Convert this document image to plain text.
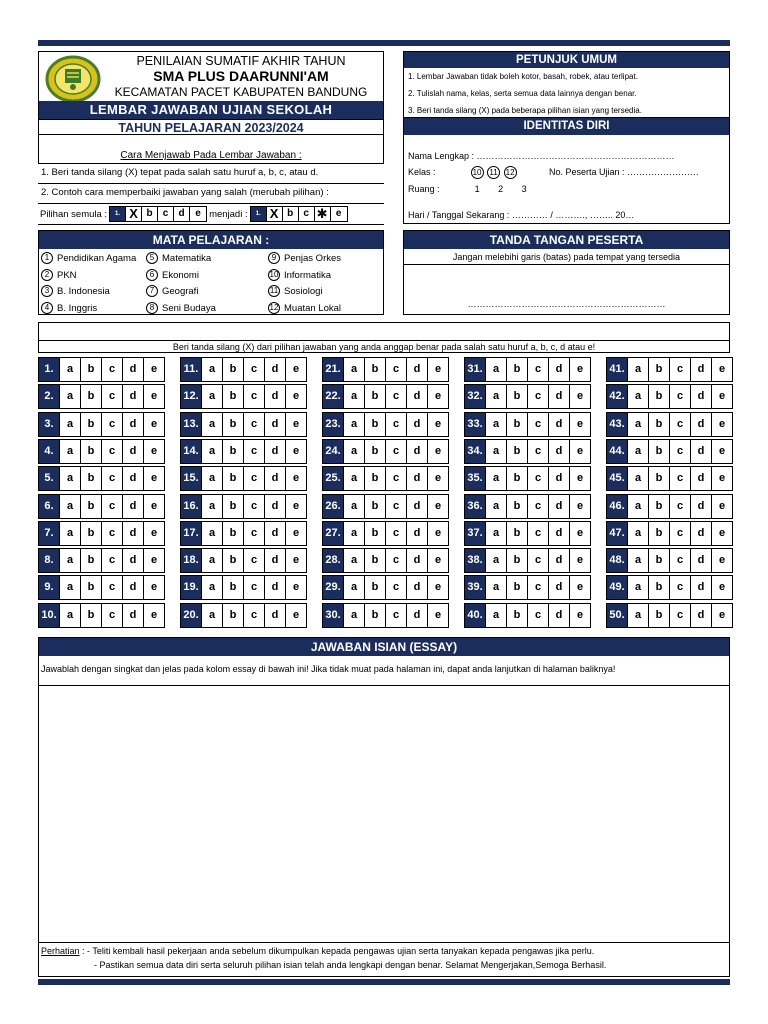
PENILAIAN SUMATIF AKHIR TAHUN
SMA PLUS DAARUNNI'AM
KECAMATAN PACET KABUPATEN BANDUNG
LEMBAR JAWABAN UJIAN SEKOLAH
TAHUN PELAJARAN 2023/2024
Cara Menjawab Pada Lembar Jawaban :
1. Beri tanda silang (X) tepat pada salah satu huruf a, b, c, atau d.
2. Contoh cara memperbaiki jawaban yang salah (merubah pilihan) :
Pilihan semula :	1. X b	c	d	e menjadi :	1. X b	c ✱ e
PETUNJUK UMUM
1. Lembar Jawaban tidak boleh kotor, basah, robek, atau terlipat.
2. Tulislah nama, kelas, serta semua data lainnya dengan benar.
3. Beri tanda silang (X) pada beberapa pilihan isian yang tersedia.
IDENTITAS DIRI
Nama Lengkap : …………………………………………………………
Kelas :	10 11 12	No. Peserta Ujian : ……………………
Ruang :	1 2 3
Hari / Tanggal Sekarang : ………… / ………., …….. 20…
MATA PELAJARAN :
1 Pendidikan Agama	5 Matematika	9 Penjas Orkes
2 PKN	6 Ekonomi	10 Informatika
3 B. Indonesia	7 Geografi	11 Sosiologi
4 B. Inggris	8 Seni Budaya	12 Muatan Lokal
TANDA TANGAN PESERTA
Jangan melebihi garis (batas) pada tempat yang tersedia
…………………………………………………………
JAWABAN PILIHAN GANDA
Beri tanda silang (X) dari pilihan jawaban yang anda anggap benar pada salah satu huruf a, b, c, d atau e!
1.	a	b	c	d	e
2.	a	b	c	d	e
3.	a	b	c	d	e
4.	a	b	c	d	e
5.	a	b	c	d	e
6.	a	b	c	d	e
7.	a	b	c	d	e
8.	a	b	c	d	e
9.	a	b	c	d	e
10. a	b	c	d	e
11. a	b	c	d	e
12. a	b	c	d	e
13. a	b	c	d	e
14. a	b	c	d	e
15. a	b	c	d	e
16. a	b	c	d	e
17. a	b	c	d	e
18. a	b	c	d	e
19. a	b	c	d	e
20. a	b	c	d	e
21. a	b	c	d	e
22. a	b	c	d	e
23. a	b	c	d	e
24. a	b	c	d	e
25. a	b	c	d	e
26. a	b	c	d	e
27. a	b	c	d	e
28. a	b	c	d	e
29. a	b	c	d	e
30. a	b	c	d	e
31. a	b	c	d	e
32. a	b	c	d	e
33. a	b	c	d	e
34. a	b	c	d	e
35. a	b	c	d	e
36. a	b	c	d	e
37. a	b	c	d	e
38. a	b	c	d	e
39. a	b	c	d	e
40. a	b	c	d	e
41. a	b	c	d	e
42. a	b	c	d	e
43. a	b	c	d	e
44. a	b	c	d	e
45. a	b	c	d	e
46. a	b	c	d	e
47. a	b	c	d	e
48. a	b	c	d	e
49. a	b	c	d	e
50. a	b	c	d	e
JAWABAN ISIAN (ESSAY)
Jawablah dengan singkat dan jelas pada kolom essay di bawah ini! Jika tidak muat pada halaman ini, dapat anda lanjutkan di halaman baliknya!
Perhatian : - Teliti kembali hasil pekerjaan anda sebelum dikumpulkan kepada pengawas ujian serta tanyakan kepada pengawas jika perlu.
- Pastikan semua data diri serta seluruh pilihan isian telah anda lengkapi dengan benar. Selamat Mengerjakan,Semoga Berhasil.
